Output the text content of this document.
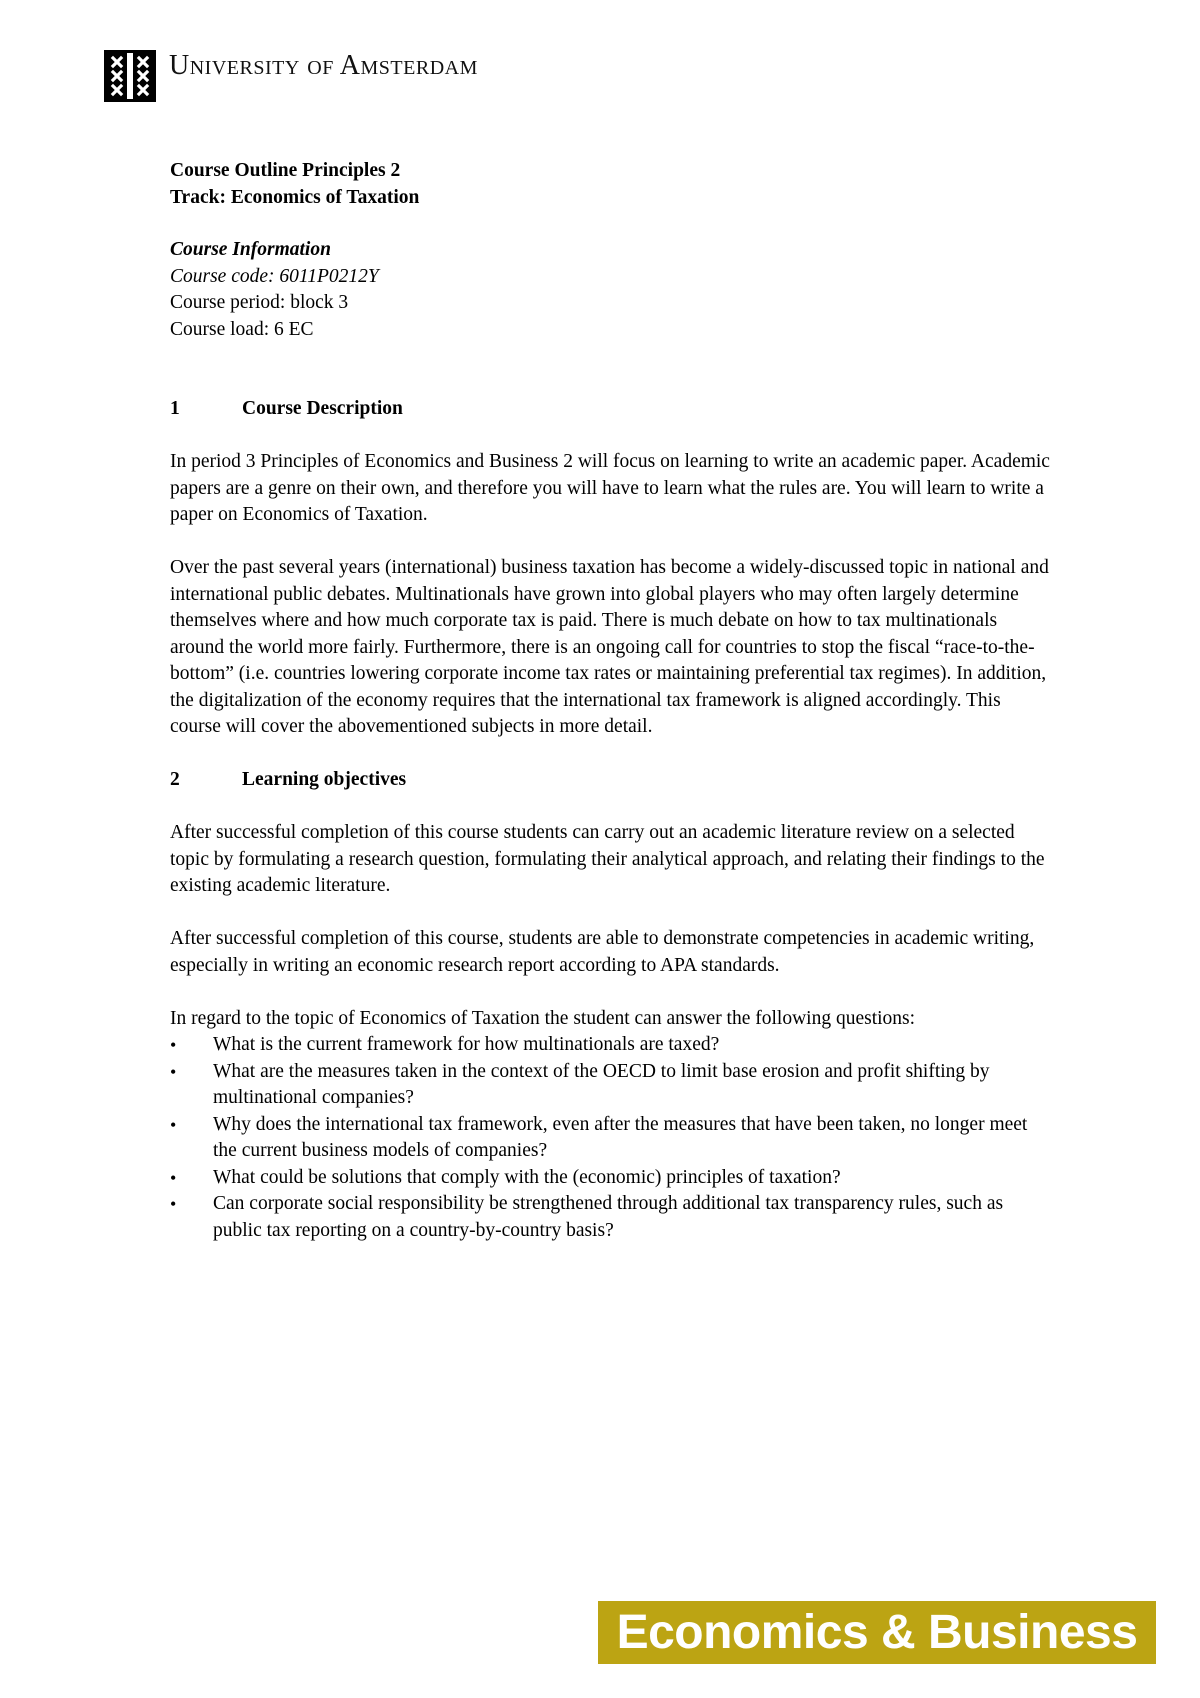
University of Amsterdam

Course Outline Principles 2

Track: Economics of Taxation

Course Information

Course code: 6011P0212Y

Course period: block 3

Course load: 6 EC

1	Course Description

In period 3 Principles of Economics and Business 2 will focus on learning to write an academic paper. Academic papers are a genre on their own, and therefore you will have to learn what the rules are. You will learn to write a paper on Economics of Taxation.

Over the past several years (international) business taxation has become a widely-discussed topic in national and international public debates. Multinationals have grown into global players who may often largely determine themselves where and how much corporate tax is paid. There is much debate on how to tax multinationals around the world more fairly. Furthermore, there is an ongoing call for countries to stop the fiscal “race-to-the-bottom” (i.e. countries lowering corporate income tax rates or maintaining preferential tax regimes). In addition, the digitalization of the economy requires that the international tax framework is aligned accordingly. This course will cover the abovementioned subjects in more detail.

2	Learning objectives

After successful completion of this course students can carry out an academic literature review on a selected topic by formulating a research question, formulating their analytical approach, and relating their findings to the existing academic literature.

After successful completion of this course, students are able to demonstrate competencies in academic writing, especially in writing an economic research report according to APA standards.

In regard to the topic of Economics of Taxation the student can answer the following questions:

•	What is the current framework for how multinationals are taxed?
•	What are the measures taken in the context of the OECD to limit base erosion and profit shifting by multinational companies?
•	Why does the international tax framework, even after the measures that have been taken, no longer meet the current business models of companies?
•	What could be solutions that comply with the (economic) principles of taxation?
•	Can corporate social responsibility be strengthened through additional tax transparency rules, such as public tax reporting on a country-by-country basis?
Economics & Business
